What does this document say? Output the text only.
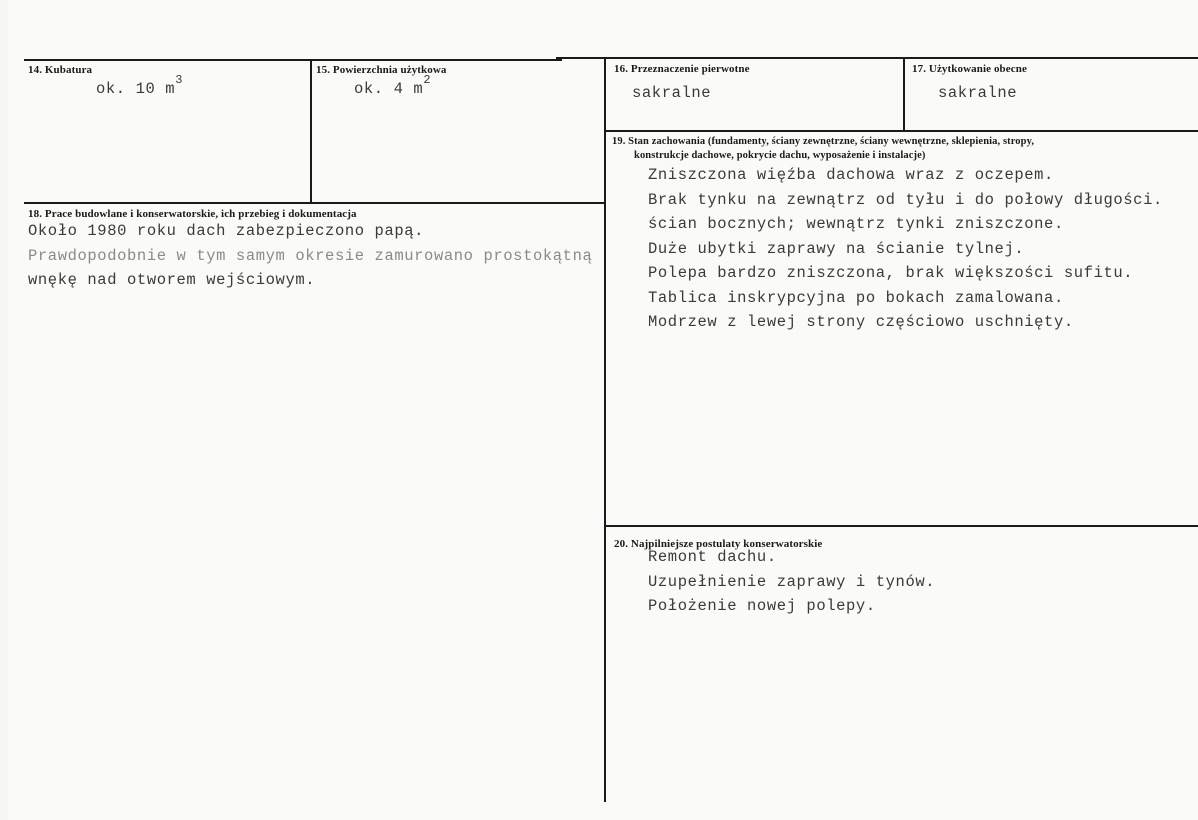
14. Kubatura
ok. 10 $m^3$
15. Powierzchnia użytkowa
ok. 4 $m^2$
16. Przeznaczenie pierwotne
sakralne
17. Użytkowanie obecne
sakralne
18. Prace budowlane i konserwatorskie, ich przebieg i dokumentacja
Około 1980 roku dach zabezpieczono papą.
Prawdopodobnie w tym samym okresie zamurowano prostokątną
wnękę nad otworem wejściowym.
19. Stan zachowania (fundamenty, ściany zewnętrzne, ściany wewnętrzne, sklepienia, stropy,
konstrukcje dachowe, pokrycie dachu, wyposażenie i instalacje)
Zniszczona więźba dachowa wraz z oczepem.
Brak tynku na zewnątrz od tyłu i do połowy długości.
ścian bocznych; wewnątrz tynki zniszczone.
Duże ubytki zaprawy na ścianie tylnej.
Polepa bardzo zniszczona, brak większości sufitu.
Tablica inskrypcyjna po bokach zamalowana.
Modrzew z lewej strony częściowo uschnięty.
20. Najpilniejsze postulaty konserwatorskie
Remont dachu.
Uzupełnienie zaprawy i tynów.
Położenie nowej polepy.
